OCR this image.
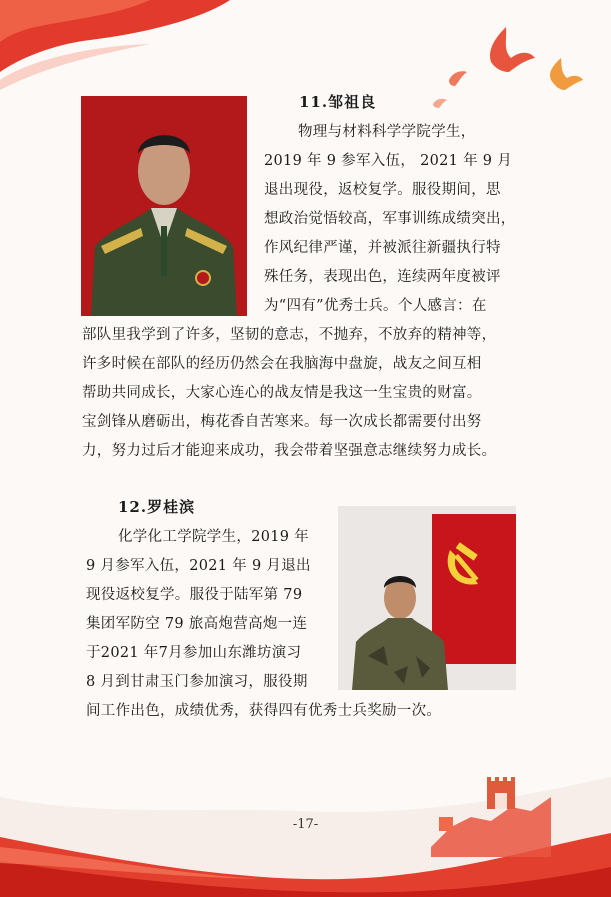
11.邹祖良

物理与材料科学学院学生，

2019 年 9 参军入伍， 2021 年 9 月

退出现役，返校复学。服役期间，思

想政治觉悟较高，军事训练成绩突出，

作风纪律严谨，并被派往新疆执行特

殊任务，表现出色，连续两年度被评

为“四有”优秀士兵。个人感言：在

部队里我学到了许多，坚韧的意志，不抛弃，不放弃的精神等，

许多时候在部队的经历仍然会在我脑海中盘旋，战友之间互相

帮助共同成长，大家心连心的战友情是我这一生宝贵的财富。

宝剑锋从磨砺出，梅花香自苦寒来。每一次成长都需要付出努

力，努力过后才能迎来成功，我会带着坚强意志继续努力成长。

12.罗桂滨

化学化工学院学生，2019 年

9 月参军入伍，2021 年 9 月退出

现役返校复学。服役于陆军第 79

集团军防空 79 旅高炮营高炮一连

于2021 年7月参加山东潍坊演习

8 月到甘肃玉门参加演习，服役期

间工作出色，成绩优秀，获得四有优秀士兵奖励一次。

-17-
